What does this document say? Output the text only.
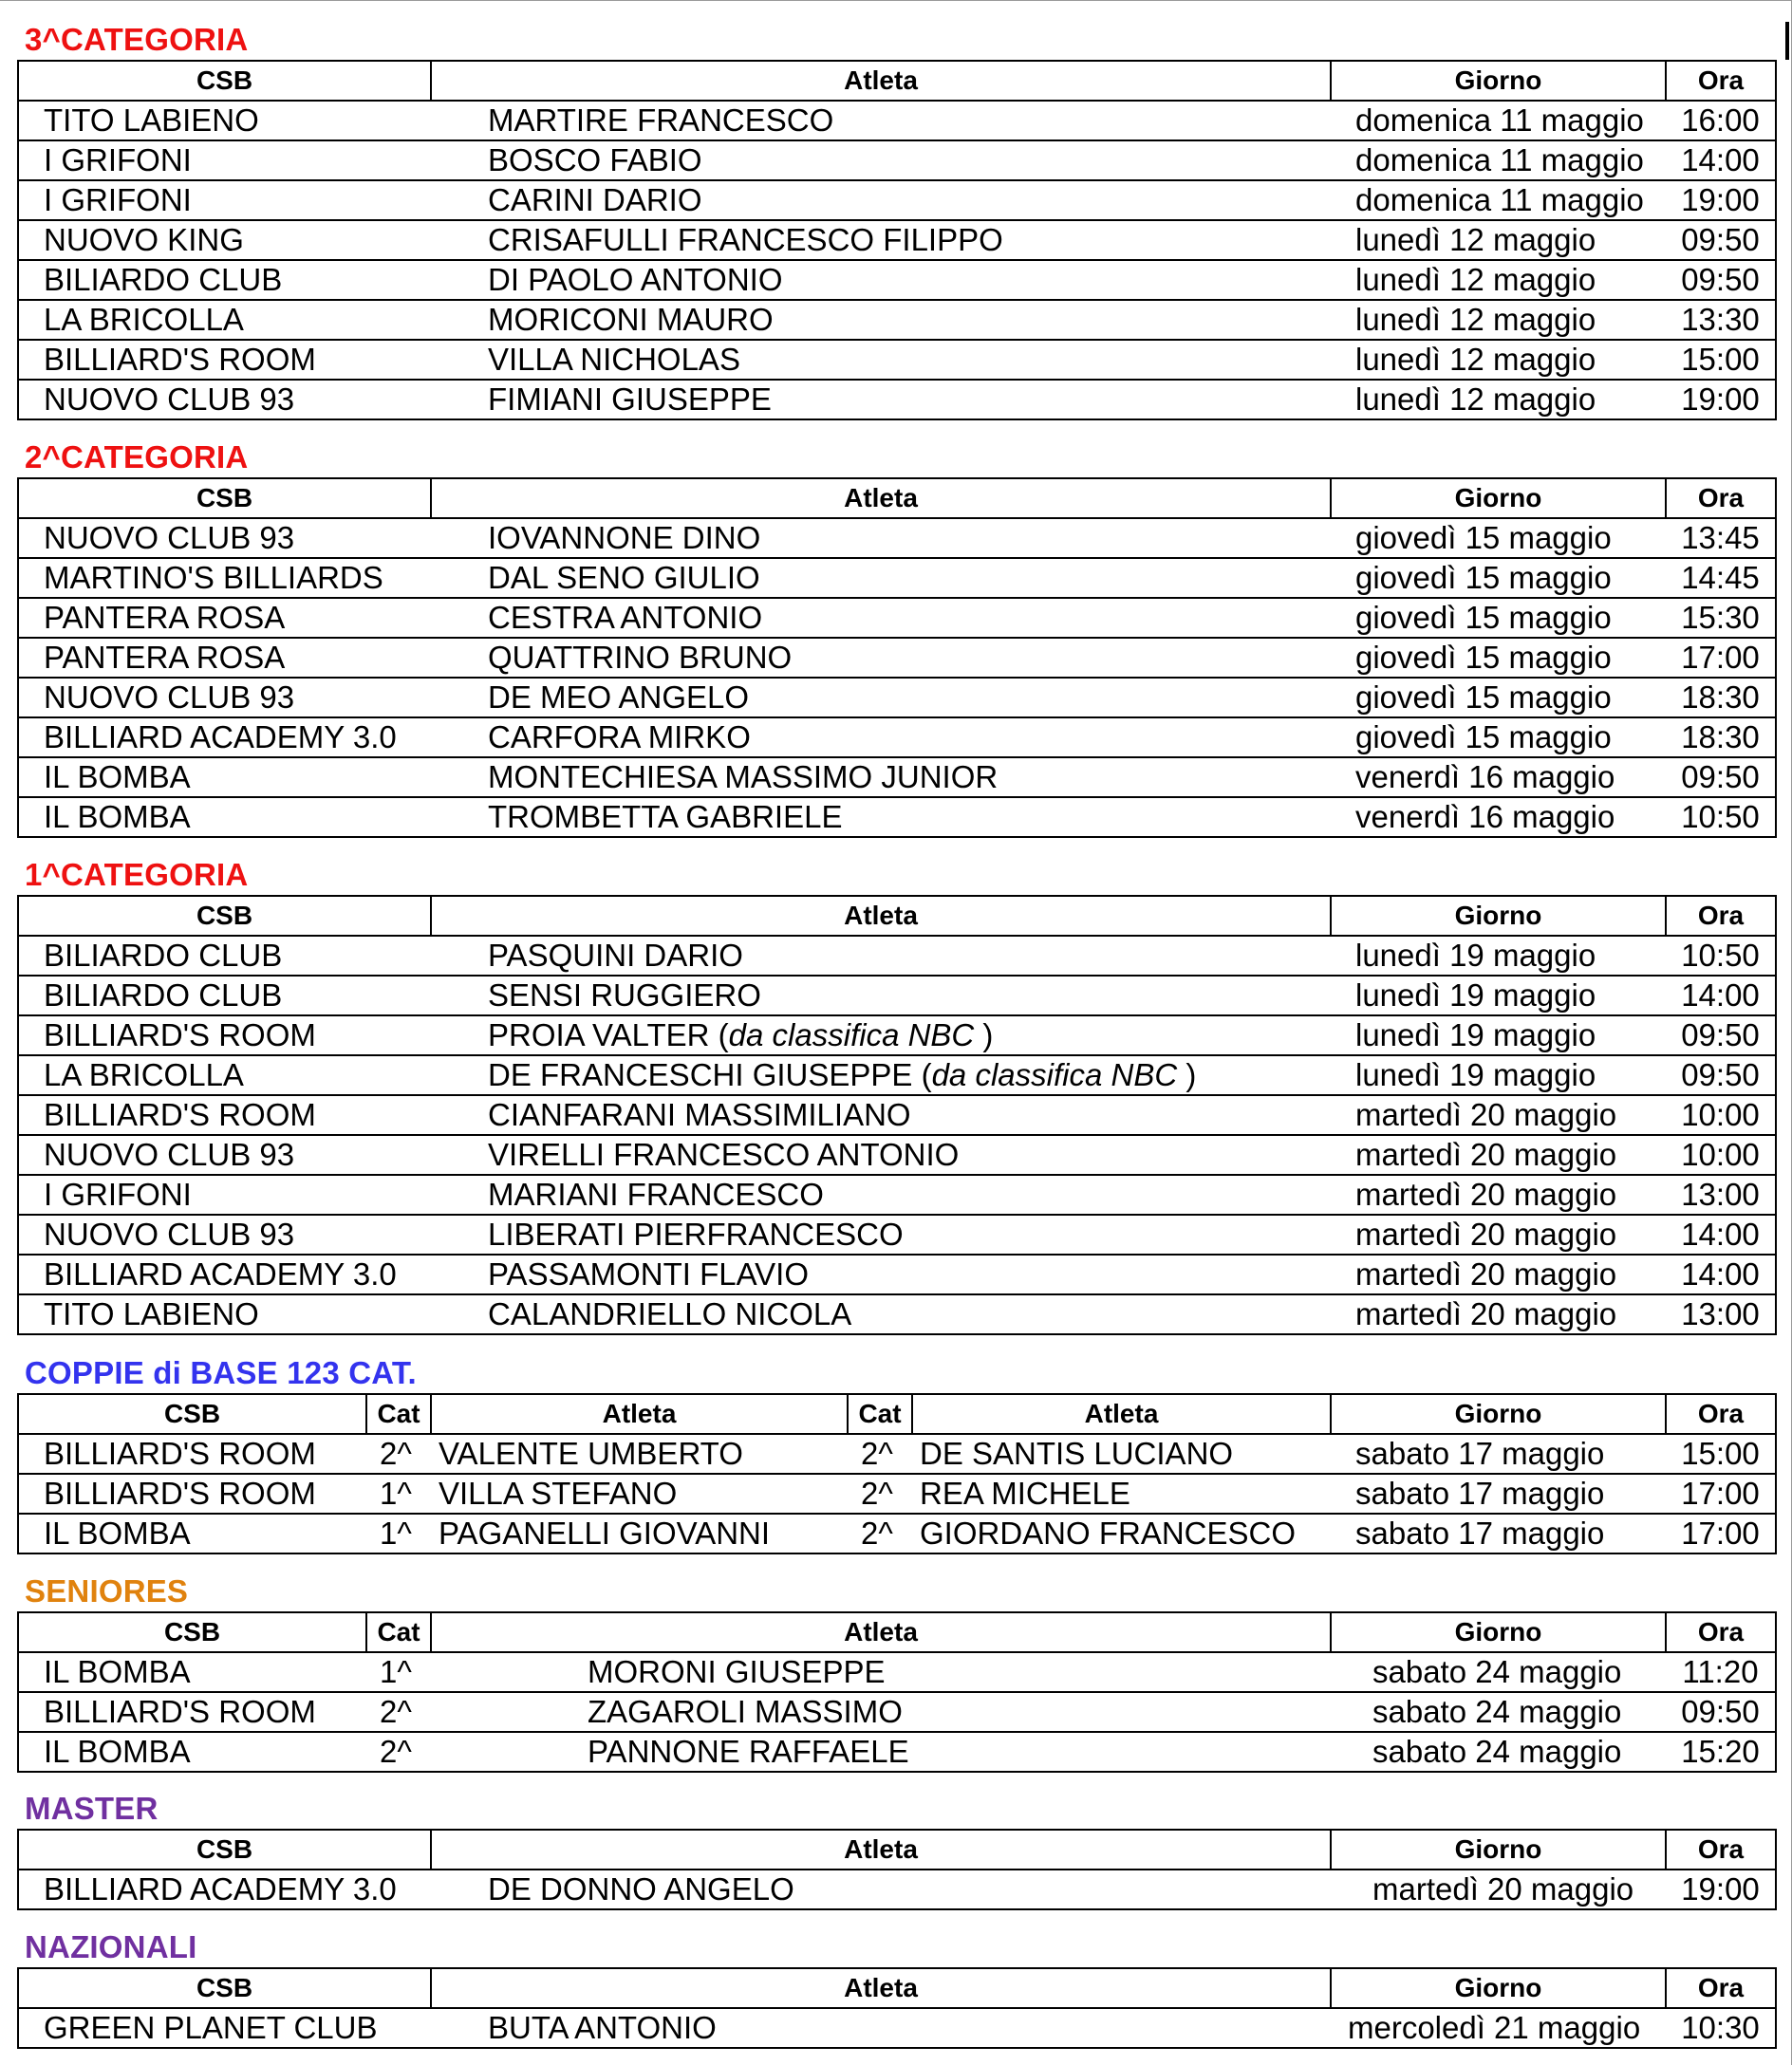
3^CATEGORIA
CSB	Atleta	Giorno	Ora
TITO LABIENO	MARTIRE FRANCESCO	domenica 11 maggio	16:00
I GRIFONI	BOSCO FABIO	domenica 11 maggio	14:00
I GRIFONI	CARINI DARIO	domenica 11 maggio	19:00
NUOVO KING	CRISAFULLI FRANCESCO FILIPPO	lunedì 12 maggio	09:50
BILIARDO CLUB	DI PAOLO ANTONIO	lunedì 12 maggio	09:50
LA BRICOLLA	MORICONI MAURO	lunedì 12 maggio	13:30
BILLIARD'S ROOM	VILLA NICHOLAS	lunedì 12 maggio	15:00
NUOVO CLUB 93	FIMIANI GIUSEPPE	lunedì 12 maggio	19:00
2^CATEGORIA
CSB	Atleta	Giorno	Ora
NUOVO CLUB 93	IOVANNONE DINO	giovedì 15 maggio	13:45
MARTINO'S BILLIARDS	DAL SENO GIULIO	giovedì 15 maggio	14:45
PANTERA ROSA	CESTRA ANTONIO	giovedì 15 maggio	15:30
PANTERA ROSA	QUATTRINO BRUNO	giovedì 15 maggio	17:00
NUOVO CLUB 93	DE MEO ANGELO	giovedì 15 maggio	18:30
BILLIARD ACADEMY 3.0	CARFORA MIRKO	giovedì 15 maggio	18:30
IL BOMBA	MONTECHIESA MASSIMO JUNIOR	venerdì 16 maggio	09:50
IL BOMBA	TROMBETTA GABRIELE	venerdì 16 maggio	10:50
1^CATEGORIA
CSB	Atleta	Giorno	Ora
BILIARDO CLUB	PASQUINI DARIO	lunedì 19 maggio	10:50
BILIARDO CLUB	SENSI RUGGIERO	lunedì 19 maggio	14:00
BILLIARD'S ROOM	PROIA VALTER (da classifica NBC )	lunedì 19 maggio	09:50
LA BRICOLLA	DE FRANCESCHI GIUSEPPE (da classifica NBC )	lunedì 19 maggio	09:50
BILLIARD'S ROOM	CIANFARANI MASSIMILIANO	martedì 20 maggio	10:00
NUOVO CLUB 93	VIRELLI FRANCESCO ANTONIO	martedì 20 maggio	10:00
I GRIFONI	MARIANI FRANCESCO	martedì 20 maggio	13:00
NUOVO CLUB 93	LIBERATI PIERFRANCESCO	martedì 20 maggio	14:00
BILLIARD ACADEMY 3.0	PASSAMONTI FLAVIO	martedì 20 maggio	14:00
TITO LABIENO	CALANDRIELLO NICOLA	martedì 20 maggio	13:00
COPPIE di BASE 123 CAT.
CSB	Cat	Atleta	Cat	Atleta	Giorno	Ora
BILLIARD'S ROOM	2^	VALENTE UMBERTO	2^	DE SANTIS LUCIANO	sabato 17 maggio	15:00
BILLIARD'S ROOM	1^	VILLA STEFANO	2^	REA MICHELE	sabato 17 maggio	17:00
IL BOMBA	1^	PAGANELLI GIOVANNI	2^	GIORDANO FRANCESCO	sabato 17 maggio	17:00
SENIORES
CSB	Cat	Atleta	Giorno	Ora
IL BOMBA	1^	MORONI GIUSEPPE	sabato 24 maggio	11:20
BILLIARD'S ROOM	2^	ZAGAROLI MASSIMO	sabato 24 maggio	09:50
IL BOMBA	2^	PANNONE RAFFAELE	sabato 24 maggio	15:20
MASTER
CSB	Atleta	Giorno	Ora
BILLIARD ACADEMY 3.0	DE DONNO ANGELO	martedì 20 maggio	19:00
NAZIONALI
CSB	Atleta	Giorno	Ora
GREEN PLANET CLUB	BUTA ANTONIO	mercoledì 21 maggio	10:30
